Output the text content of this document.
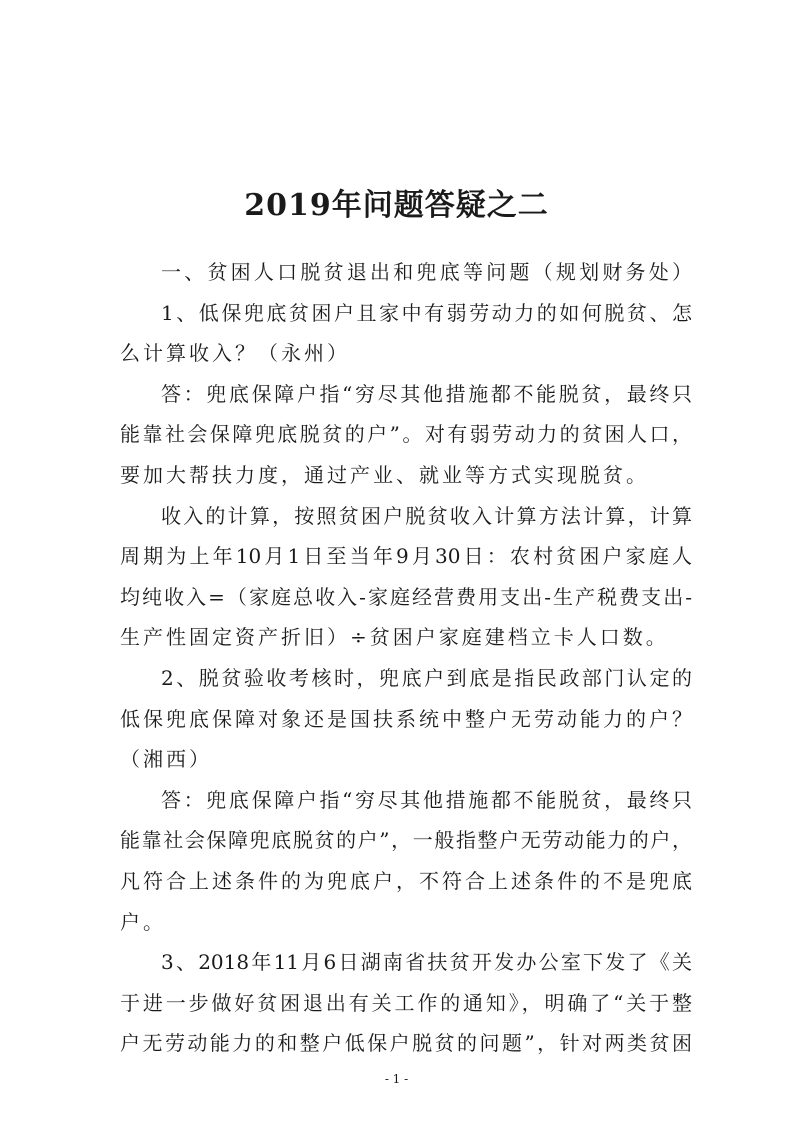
2019年问题答疑之二
一、贫困人口脱贫退出和兜底等问题（规划财务处）
1、低保兜底贫困户且家中有弱劳动力的如何脱贫、怎
么计算收入？（永州）
答：兜底保障户指“穷尽其他措施都不能脱贫，最终只
能靠社会保障兜底脱贫的户”。对有弱劳动力的贫困人口，
要加大帮扶力度，通过产业、就业等方式实现脱贫。
收入的计算，按照贫困户脱贫收入计算方法计算，计算
周期为上年10月1日至当年9月30日：农村贫困户家庭人
均纯收入=（家庭总收入-家庭经营费用支出-生产税费支出-
生产性固定资产折旧）÷贫困户家庭建档立卡人口数。
2、脱贫验收考核时，兜底户到底是指民政部门认定的
低保兜底保障对象还是国扶系统中整户无劳动能力的户？
（湘西）
答：兜底保障户指“穷尽其他措施都不能脱贫，最终只
能靠社会保障兜底脱贫的户”，一般指整户无劳动能力的户，
凡符合上述条件的为兜底户，不符合上述条件的不是兜底
户。
3、2018年11月6日湖南省扶贫开发办公室下发了《关
于进一步做好贫困退出有关工作的通知》，明确了“关于整
户无劳动能力的和整户低保户脱贫的问题”，针对两类贫困
- 1 -
